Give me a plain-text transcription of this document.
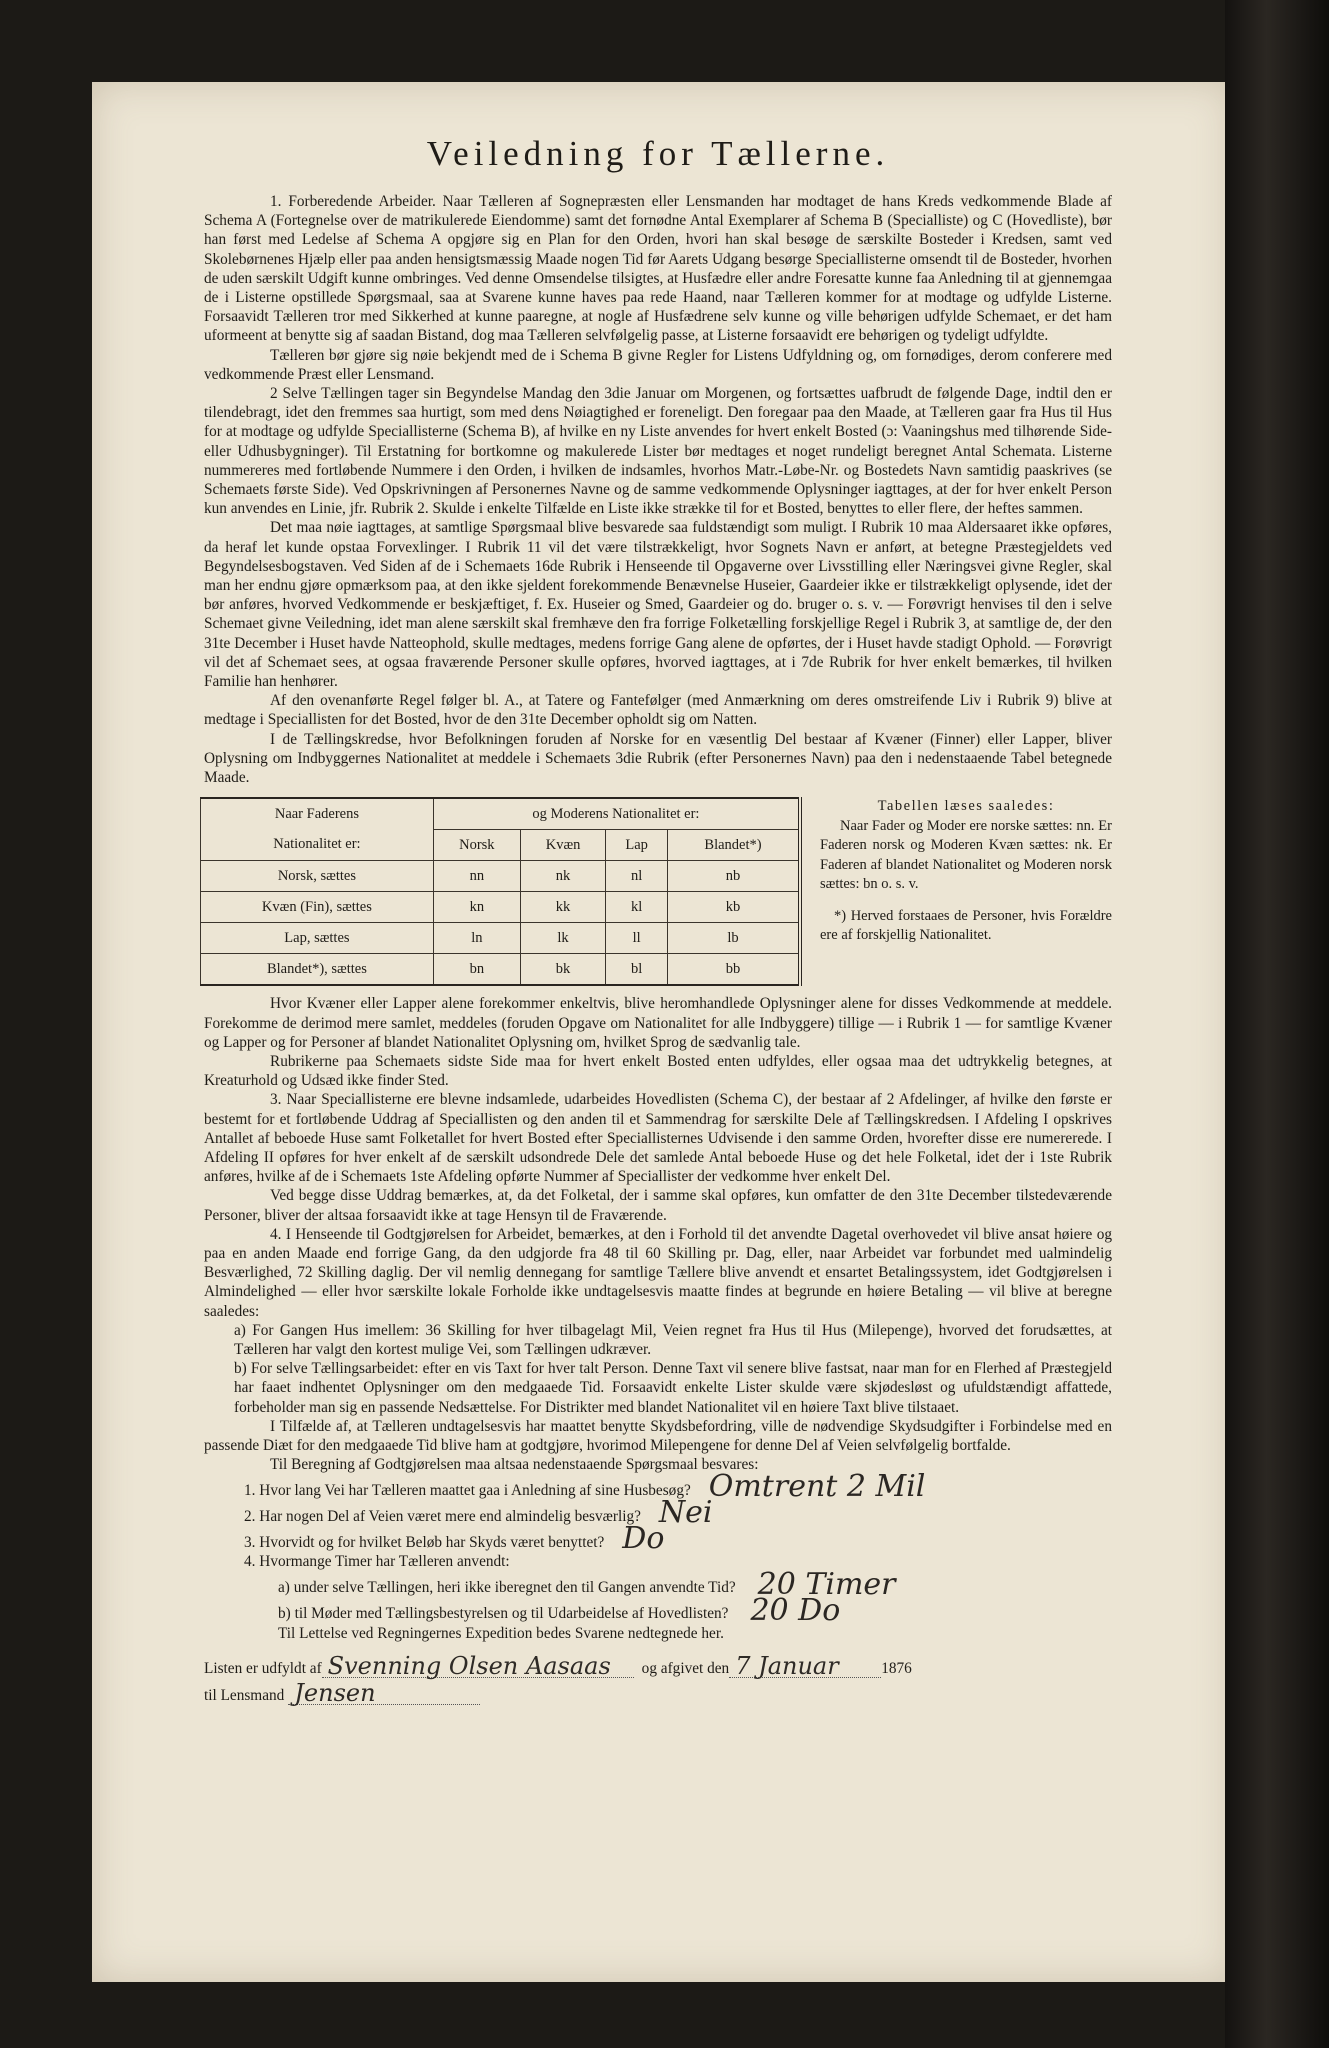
Veiledning for Tællerne.

1. Forberedende Arbeider. Naar Tælleren af Sognepræsten eller Lensmanden har modtaget de hans Kreds vedkommende Blade af Schema A (Fortegnelse over de matrikulerede Eiendomme) samt det fornødne Antal Exemplarer af Schema B (Specialliste) og C (Hovedliste), bør han først med Ledelse af Schema A opgjøre sig en Plan for den Orden, hvori han skal besøge de særskilte Bosteder i Kredsen, samt ved Skolebørnenes Hjælp eller paa anden hensigtsmæssig Maade nogen Tid før Aarets Udgang besørge Speciallisterne omsendt til de Bosteder, hvorhen de uden særskilt Udgift kunne ombringes. Ved denne Omsendelse tilsigtes, at Husfædre eller andre Foresatte kunne faa Anledning til at gjennemgaa de i Listerne opstillede Spørgsmaal, saa at Svarene kunne haves paa rede Haand, naar Tælleren kommer for at modtage og udfylde Listerne. Forsaavidt Tælleren tror med Sikkerhed at kunne paaregne, at nogle af Husfædrene selv kunne og ville behørigen udfylde Schemaet, er det ham uformeent at benytte sig af saadan Bistand, dog maa Tælleren selvfølgelig passe, at Listerne forsaavidt ere behørigen og tydeligt udfyldte.

Tælleren bør gjøre sig nøie bekjendt med de i Schema B givne Regler for Listens Udfyldning og, om fornødiges, derom conferere med vedkommende Præst eller Lensmand.

2 Selve Tællingen tager sin Begyndelse Mandag den 3die Januar om Morgenen, og fortsættes uafbrudt de følgende Dage, indtil den er tilendebragt, idet den fremmes saa hurtigt, som med dens Nøiagtighed er foreneligt. Den foregaar paa den Maade, at Tælleren gaar fra Hus til Hus for at modtage og udfylde Speciallisterne (Schema B), af hvilke en ny Liste anvendes for hvert enkelt Bosted (ɔ: Vaaningshus med tilhørende Side- eller Udhusbygninger). Til Erstatning for bortkomne og makulerede Lister bør medtages et noget rundeligt beregnet Antal Schemata. Listerne nummereres med fortløbende Nummere i den Orden, i hvilken de indsamles, hvorhos Matr.-Løbe-Nr. og Bostedets Navn samtidig paaskrives (se Schemaets første Side). Ved Opskrivningen af Personernes Navne og de samme vedkommende Oplysninger iagttages, at der for hver enkelt Person kun anvendes en Linie, jfr. Rubrik 2. Skulde i enkelte Tilfælde en Liste ikke strække til for et Bosted, benyttes to eller flere, der heftes sammen.

Det maa nøie iagttages, at samtlige Spørgsmaal blive besvarede saa fuldstændigt som muligt. I Rubrik 10 maa Aldersaaret ikke opføres, da heraf let kunde opstaa Forvexlinger. I Rubrik 11 vil det være tilstrækkeligt, hvor Sognets Navn er anført, at betegne Præstegjeldets ved Begyndelsesbogstaven. Ved Siden af de i Schemaets 16de Rubrik i Henseende til Opgaverne over Livsstilling eller Næringsvei givne Regler, skal man her endnu gjøre opmærksom paa, at den ikke sjeldent forekommende Benævnelse Huseier, Gaardeier ikke er tilstrækkeligt oplysende, idet der bør anføres, hvorved Vedkommende er beskjæftiget, f. Ex. Huseier og Smed, Gaardeier og do. bruger o. s. v. — Forøvrigt henvises til den i selve Schemaet givne Veiledning, idet man alene særskilt skal fremhæve den fra forrige Folketælling forskjellige Regel i Rubrik 3, at samtlige de, der den 31te December i Huset havde Natteophold, skulle medtages, medens forrige Gang alene de opførtes, der i Huset havde stadigt Ophold. — Forøvrigt vil det af Schemaet sees, at ogsaa fraværende Personer skulle opføres, hvorved iagttages, at i 7de Rubrik for hver enkelt bemærkes, til hvilken Familie han henhører.

Af den ovenanførte Regel følger bl. A., at Tatere og Fantefølger (med Anmærkning om deres omstreifende Liv i Rubrik 9) blive at medtage i Speciallisten for det Bosted, hvor de den 31te December opholdt sig om Natten.

I de Tællingskredse, hvor Befolkningen foruden af Norske for en væsentlig Del bestaar af Kvæner (Finner) eller Lapper, bliver Oplysning om Indbyggernes Nationalitet at meddele i Schemaets 3die Rubrik (efter Personernes Navn) paa den i nedenstaaende Tabel betegnede Maade.

Naar Faderens	og Moderens Nationalitet er:			
Nationalitet er:	Norsk	Kvæn	Lap	Blandet*)
Norsk, sættes	nn	nk	nl	nb
Kvæn (Fin), sættes	kn	kk	kl	kb
Lap, sættes	ln	lk	ll	lb
Blandet*), sættes	bn	bk	bl	bb

Tabellen læses saaledes:

Naar Fader og Moder ere norske sættes: nn. Er Faderen norsk og Moderen Kvæn sættes: nk. Er Faderen af blandet Nationalitet og Moderen norsk sættes: bn o. s. v.

*) Herved forstaaes de Personer, hvis Forældre ere af forskjellig Nationalitet.

Hvor Kvæner eller Lapper alene forekommer enkeltvis, blive heromhandlede Oplysninger alene for disses Vedkommende at meddele. Forekomme de derimod mere samlet, meddeles (foruden Opgave om Nationalitet for alle Indbyggere) tillige — i Rubrik 1 — for samtlige Kvæner og Lapper og for Personer af blandet Nationalitet Oplysning om, hvilket Sprog de sædvanlig tale.

Rubrikerne paa Schemaets sidste Side maa for hvert enkelt Bosted enten udfyldes, eller ogsaa maa det udtrykkelig betegnes, at Kreaturhold og Udsæd ikke finder Sted.

3. Naar Speciallisterne ere blevne indsamlede, udarbeides Hovedlisten (Schema C), der bestaar af 2 Afdelinger, af hvilke den første er bestemt for et fortløbende Uddrag af Speciallisten og den anden til et Sammendrag for særskilte Dele af Tællingskredsen. I Afdeling I opskrives Antallet af beboede Huse samt Folketallet for hvert Bosted efter Speciallisternes Udvisende i den samme Orden, hvorefter disse ere numererede. I Afdeling II opføres for hver enkelt af de særskilt udsondrede Dele det samlede Antal beboede Huse og det hele Folketal, idet der i 1ste Rubrik anføres, hvilke af de i Schemaets 1ste Afdeling opførte Nummer af Speciallister der vedkomme hver enkelt Del.

Ved begge disse Uddrag bemærkes, at, da det Folketal, der i samme skal opføres, kun omfatter de den 31te December tilstedeværende Personer, bliver der altsaa forsaavidt ikke at tage Hensyn til de Fraværende.

4. I Henseende til Godtgjørelsen for Arbeidet, bemærkes, at den i Forhold til det anvendte Dagetal overhovedet vil blive ansat høiere og paa en anden Maade end forrige Gang, da den udgjorde fra 48 til 60 Skilling pr. Dag, eller, naar Arbeidet var forbundet med ualmindelig Besværlighed, 72 Skilling daglig. Der vil nemlig dennegang for samtlige Tællere blive anvendt et ensartet Betalingssystem, idet Godtgjørelsen i Almindelighed — eller hvor særskilte lokale Forholde ikke undtagelsesvis maatte findes at begrunde en høiere Betaling — vil blive at beregne saaledes:

a) For Gangen Hus imellem: 36 Skilling for hver tilbagelagt Mil, Veien regnet fra Hus til Hus (Milepenge), hvorved det forudsættes, at Tælleren har valgt den kortest mulige Vei, som Tællingen udkræver.

b) For selve Tællingsarbeidet: efter en vis Taxt for hver talt Person. Denne Taxt vil senere blive fastsat, naar man for en Flerhed af Præstegjeld har faaet indhentet Oplysninger om den medgaaede Tid. Forsaavidt enkelte Lister skulde være skjødesløst og ufuldstændigt affattede, forbeholder man sig en passende Nedsættelse. For Distrikter med blandet Nationalitet vil en høiere Taxt blive tilstaaet.

I Tilfælde af, at Tælleren undtagelsesvis har maattet benytte Skydsbefordring, ville de nødvendige Skydsudgifter i Forbindelse med en passende Diæt for den medgaaede Tid blive ham at godtgjøre, hvorimod Milepengene for denne Del af Veien selvfølgelig bortfalde.

Til Beregning af Godtgjørelsen maa altsaa nedenstaaende Spørgsmaal besvares:

1. Hvor lang Vei har Tælleren maattet gaa i Anledning af sine Husbesøg? Omtrent 2 Mil
2. Har nogen Del af Veien været mere end almindelig besværlig? Nei
3. Hvorvidt og for hvilket Beløb har Skyds været benyttet? Do
4. Hvormange Timer har Tælleren anvendt:
a) under selve Tællingen, heri ikke iberegnet den til Gangen anvendte Tid? 20 Timer
b) til Møder med Tællingsbestyrelsen og til Udarbeidelse af Hovedlisten? 20 Do

Til Lettelse ved Regningernes Expedition bedes Svarene nedtegnede her.

Listen er udfyldt af Svenning Olsen Aasaas	og afgivet den 7 Januar	1876
til Lensmand Jensen
